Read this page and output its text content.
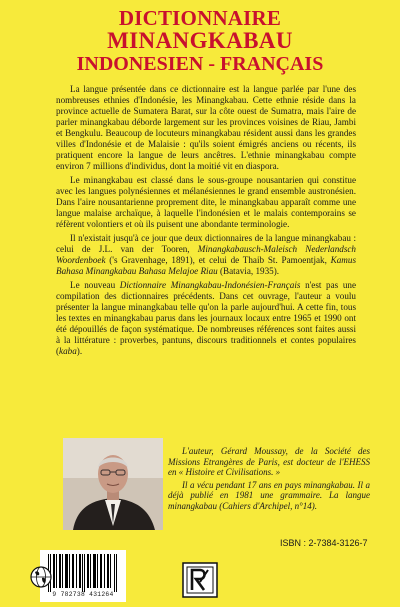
DICTIONNAIRE
MINANGKABAU
INDONESIEN - FRANÇAIS

La langue présentée dans ce dictionnaire est la langue parlée par l'une des nombreuses ethnies d'Indonésie, les Minangkabau. Cette ethnie réside dans la province actuelle de Sumatera Barat, sur la côte ouest de Sumatra, mais l'aire de parler minangkabau déborde largement sur les provinces voisines de Riau, Jambi et Bengkulu. Beaucoup de locuteurs minangkabau résident aussi dans les grandes villes d'Indonésie et de Malaisie : qu'ils soient émigrés anciens ou récents, ils pratiquent encore la langue de leurs ancêtres. L'ethnie minangkabau compte environ 7 millions d'individus, dont la moitié vit en diaspora.

Le minangkabau est classé dans le sous-groupe nousantarien qui constitue avec les langues polynésiennes et mélanésiennes le grand ensemble austronésien. Dans l'aire nousantarienne proprement dite, le minangkabau apparaît comme une langue malaise archaïque, à laquelle l'indonésien et le malais contemporains se réfèrent volontiers et où ils puisent une abondante terminologie.

Il n'existait jusqu'à ce jour que deux dictionnaires de la langue minangkabau : celui de J.L. van der Tooren, Minangkabausch-Maleisch Nederlandsch Woordenboek ('s Gravenhage, 1891), et celui de Thaib St. Pamoentjak, Kamus Bahasa Minangkabau Bahasa Melajoe Riau (Batavia, 1935).

Le nouveau Dictionnaire Minangkabau-Indonésien-Français n'est pas une compilation des dictionnaires précédents. Dans cet ouvrage, l'auteur a voulu présenter la langue minangkabau telle qu'on la parle aujourd'hui. A cette fin, tous les textes en minangkabau parus dans les journaux locaux entre 1965 et 1990 ont été dépouillés de façon systématique. De nombreuses références sont faites aussi à la littérature : proverbes, pantuns, discours traditionnels et contes populaires (kaba).

L'auteur, Gérard Moussay, de la Société des Missions Etrangères de Paris, est docteur de l'EHESS en « Histoire et Civilisations. »

Il a vécu pendant 17 ans en pays minangkabau. Il a déjà publié en 1981 une grammaire. La langue minangkabau (Cahiers d'Archipel, n°14).

ISBN : 2-7384-3126-7
9 782738 431264
